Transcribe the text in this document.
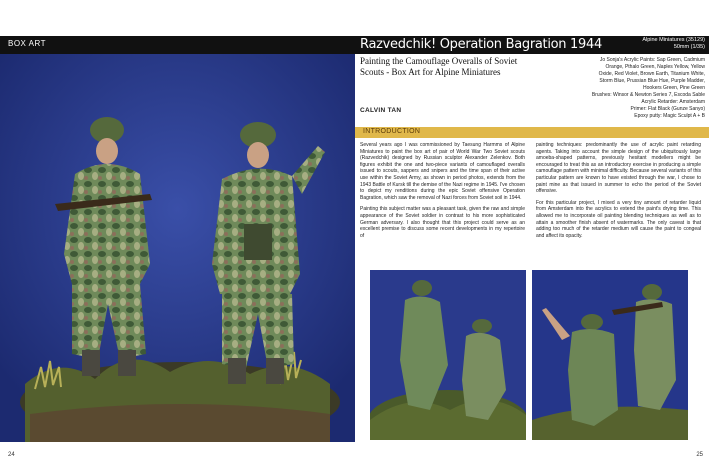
BOX ART
24
Razvedchik! Operation Bagration 1944	Alpine Miniatures (35129)
50mm (1/35)
Painting the Camouflage Overalls of Soviet Scouts - Box Art for Alpine Miniatures
Jo Sonja's Acrylic Paints: Sap Green, Cadmium
Orange, Pthalo Green, Naples Yellow, Yellow
Oxide, Red Violet, Brown Earth, Titanium White,
Storm Blue, Prussian Blue Hue, Purple Madder,
Hookers Green, Pine Green
Brushes: Winsor & Newton Series 7, Escoda Sable
Acrylic Retarder: Amsterdam
Primer: Flat Black (Gunze Sanyo)
Epoxy putty: Magic Sculpt A + B
CALVIN TAN
INTRODUCTION

Several years ago I was commissioned by Taesung Harmms of Alpine Miniatures to paint the box art of pair of World War Two Soviet scouts (Razvedchik) designed by Russian sculptor Alexander Zelenkov. Both figures exhibit the one and two-piece variants of camouflaged overalls issued to scouts, sappers and snipers and the time span of their active use within the Soviet Army, as shown in period photos, extends from the 1943 Battle of Kursk till the demise of the Nazi regime in 1945. I've chosen to depict my renditions during the epic Soviet offensive Operation Bagration, which saw the removal of Nazi forces from Soviet soil in 1944.

Painting this subject matter was a pleasant task, given the raw and simple appearance of the Soviet soldier in contrast to his more sophisticated German adversary. I also thought that this project could serve as an excellent premise to discuss some recent developments in my repertoire of

painting techniques: predominantly the use of acrylic paint retarding agents. Taking into account the simple design of the ubiquitously large amoeba-shaped patterns, previously hesitant modellers might be encouraged to treat this as an introductory exercise in producing a simple camouflage pattern with minimal difficulty. Because several variants of this particular pattern are known to have existed through the war, I chose to paint mine as that issued in summer to echo the period of the Soviet offensive.

For this particular project, I mixed a very tiny amount of retarder liquid from Amsterdam into the acrylics to extend the paint's drying time. This allowed me to incorporate oil painting blending techniques as well as to attain a smoother finish absent of watermarks. The only caveat is that adding too much of the retarder medium will cause the paint to congeal and affect its opacity.

25
